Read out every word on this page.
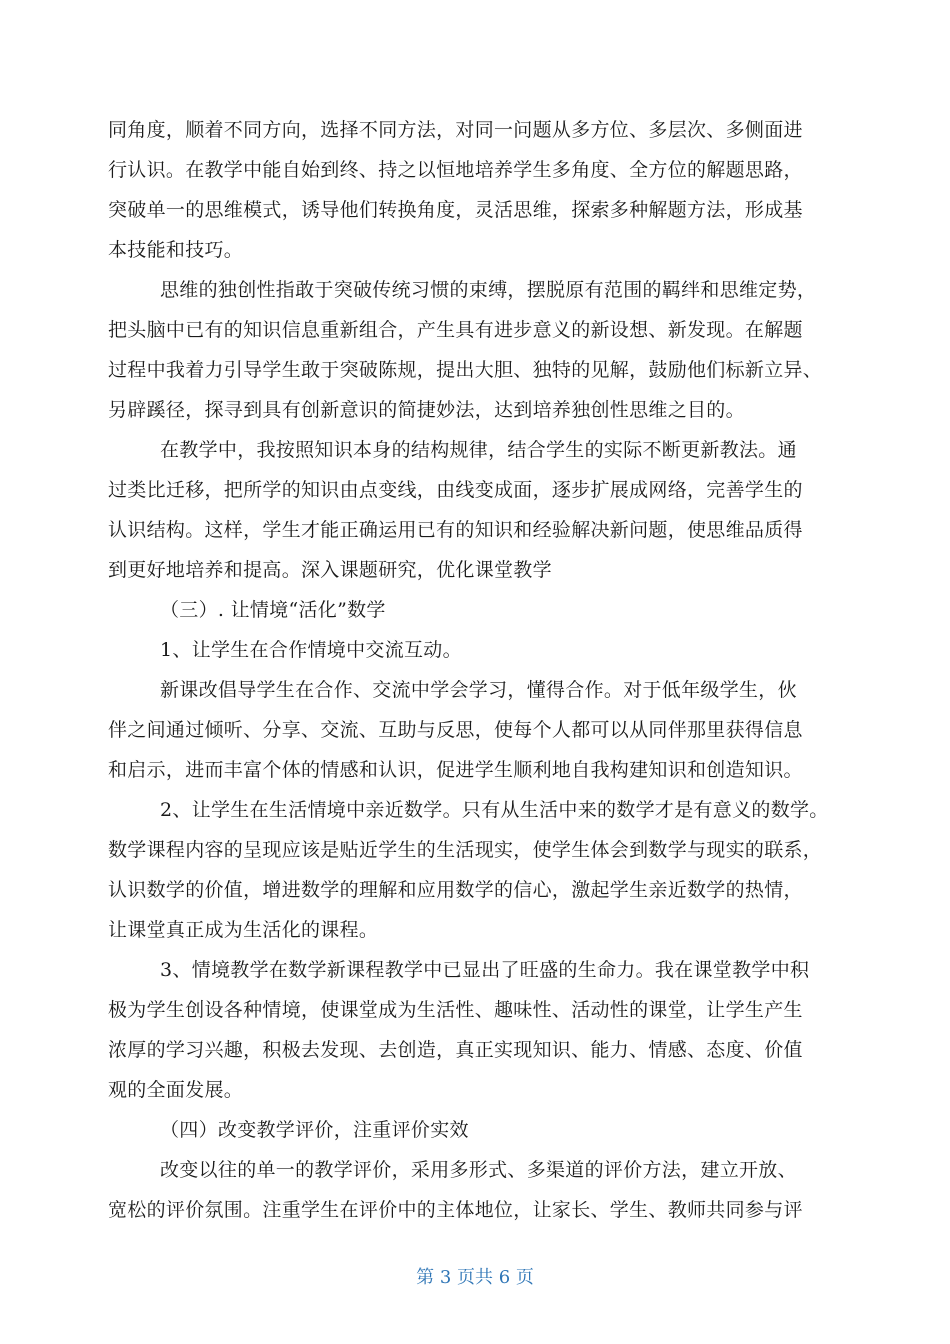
同角度，顺着不同方向，选择不同方法，对同一问题从多方位、多层次、多侧面进
行认识。在教学中能自始到终、持之以恒地培养学生多角度、全方位的解题思路，
突破单一的思维模式，诱导他们转换角度，灵活思维，探索多种解题方法，形成基
本技能和技巧。
思维的独创性指敢于突破传统习惯的束缚，摆脱原有范围的羁绊和思维定势，
把头脑中已有的知识信息重新组合，产生具有进步意义的新设想、新发现。在解题
过程中我着力引导学生敢于突破陈规，提出大胆、独特的见解，鼓励他们标新立异、
另辟蹊径，探寻到具有创新意识的简捷妙法，达到培养独创性思维之目的。
在教学中，我按照知识本身的结构规律，结合学生的实际不断更新教法。通
过类比迁移，把所学的知识由点变线，由线变成面，逐步扩展成网络，完善学生的
认识结构。这样，学生才能正确运用已有的知识和经验解决新问题，使思维品质得
到更好地培养和提高。深入课题研究，优化课堂教学
（三）. 让情境“活化”数学
1、让学生在合作情境中交流互动。
新课改倡导学生在合作、交流中学会学习，懂得合作。对于低年级学生，伙
伴之间通过倾听、分享、交流、互助与反思，使每个人都可以从同伴那里获得信息
和启示，进而丰富个体的情感和认识，促进学生顺利地自我构建知识和创造知识。
2、让学生在生活情境中亲近数学。只有从生活中来的数学才是有意义的数学。
数学课程内容的呈现应该是贴近学生的生活现实，使学生体会到数学与现实的联系，
认识数学的价值，增进数学的理解和应用数学的信心，激起学生亲近数学的热情，
让课堂真正成为生活化的课程。
3、情境教学在数学新课程教学中已显出了旺盛的生命力。我在课堂教学中积
极为学生创设各种情境，使课堂成为生活性、趣味性、活动性的课堂，让学生产生
浓厚的学习兴趣，积极去发现、去创造，真正实现知识、能力、情感、态度、价值
观的全面发展。
（四）改变教学评价，注重评价实效
改变以往的单一的教学评价，采用多形式、多渠道的评价方法，建立开放、
宽松的评价氛围。注重学生在评价中的主体地位，让家长、学生、教师共同参与评
第 3 页共 6 页
